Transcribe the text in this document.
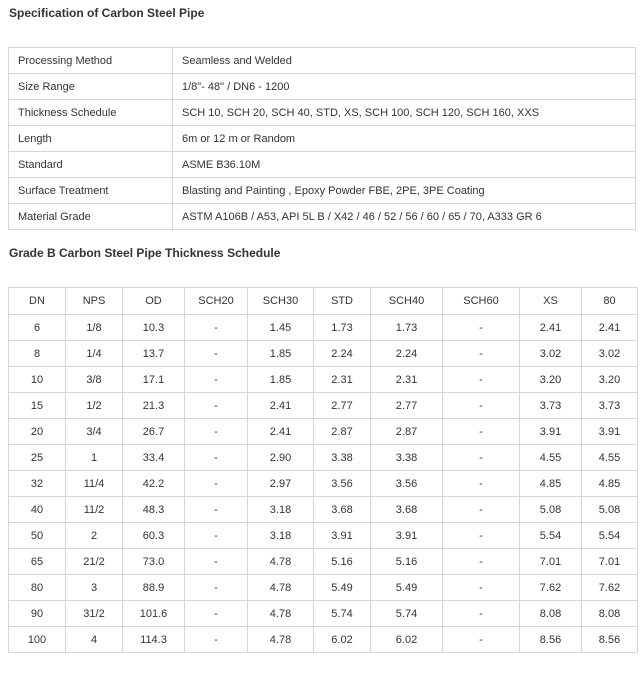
Specification of Carbon Steel Pipe
Processing Method	Seamless and Welded
Size Range	1/8"- 48" / DN6 - 1200
Thickness Schedule	SCH 10, SCH 20, SCH 40, STD, XS, SCH 100, SCH 120, SCH 160, XXS
Length	6m or 12 m or Random
Standard	ASME B36.10M
Surface Treatment	Blasting and Painting , Epoxy Powder FBE, 2PE, 3PE Coating
Material Grade	ASTM A106B / A53, API 5L B / X42 / 46 / 52 / 56 / 60 / 65 / 70, A333 GR 6
Grade B Carbon Steel Pipe Thickness Schedule
DN	NPS	OD	SCH20	SCH30	STD	SCH40	SCH60	XS	80
6	1/8	10.3	-	1.45	1.73	1.73	-	2.41	2.41
8	1/4	13.7	-	1.85	2.24	2.24	-	3.02	3.02
10	3/8	17.1	-	1.85	2.31	2.31	-	3.20	3.20
15	1/2	21.3	-	2.41	2.77	2.77	-	3.73	3.73
20	3/4	26.7	-	2.41	2.87	2.87	-	3.91	3.91
25	1	33.4	-	2.90	3.38	3.38	-	4.55	4.55
32	11/4	42.2	-	2.97	3.56	3.56	-	4.85	4.85
40	11/2	48.3	-	3.18	3.68	3.68	-	5.08	5.08
50	2	60.3	-	3.18	3.91	3.91	-	5.54	5.54
65	21/2	73.0	-	4.78	5.16	5.16	-	7.01	7.01
80	3	88.9	-	4.78	5.49	5.49	-	7.62	7.62
90	31/2	101.6	-	4.78	5.74	5.74	-	8.08	8.08
100	4	114.3	-	4.78	6.02	6.02	-	8.56	8.56
